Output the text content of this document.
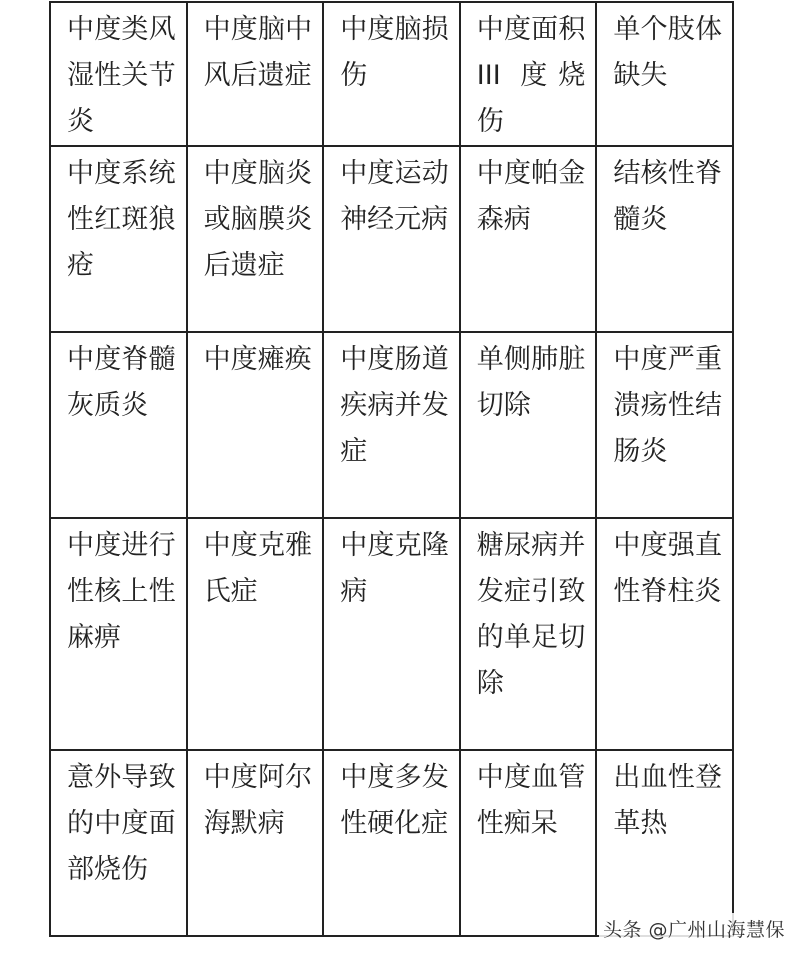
中度类风湿性关节炎	中度脑中风后遗症	中度脑损伤	中度面积 III 度烧伤	单个肢体缺失
中度系统性红斑狼疮	中度脑炎或脑膜炎后遗症	中度运动神经元病	中度帕金森病	结核性脊髓炎
中度脊髓灰质炎	中度瘫痪	中度肠道疾病并发症	单侧肺脏切除	中度严重溃疡性结肠炎
中度进行性核上性麻痹	中度克雅氏症	中度克隆病	糖尿病并发症引致的单足切除	中度强直性脊柱炎
意外导致的中度面部烧伤	中度阿尔海默病	中度多发性硬化症	中度血管性痴呆	出血性登革热
头条 @广州山海慧保
